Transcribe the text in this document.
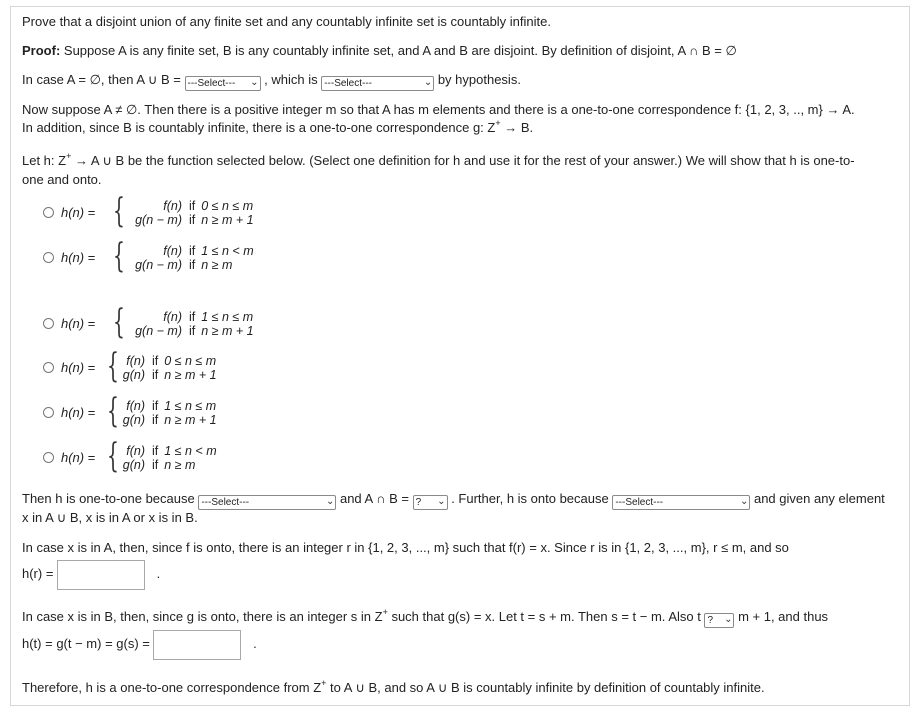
Prove that a disjoint union of any finite set and any countably infinite set is countably infinite.
Proof: Suppose A is any finite set, B is any countably infinite set, and A and B are disjoint. By definition of disjoint, A ∩ B = ∅
In case A = ∅, then A ∪ B = ---Select--- ⌄ , which is ---Select---	⌄ by hypothesis.
Now suppose A ≠ ∅. Then there is a positive integer m so that A has m elements and there is a one-to-one correspondence f: {1, 2, 3, .., m} → A.
In addition, since B is countably infinite, there is a one-to-one correspondence g: Z+ → B.
Let h: Z+ → A ∪ B be the function selected below. (Select one definition for h and use it for the rest of your answer.) We will show that h is one-to-
one and onto.
h(n) = {	f(n) if 0 ≤ n ≤ m
g(n − m) if n ≥ m + 1
h(n) = {	f(n) if 1 ≤ n < m
g(n − m) if n ≥ m
h(n) = {	f(n) if 1 ≤ n ≤ m
g(n − m) if n ≥ m + 1
h(n) = { f(n) if 0 ≤ n ≤ m
g(n) if n ≥ m + 1
h(n) = { f(n) if 1 ≤ n ≤ m
g(n) if n ≥ m + 1
h(n) = { f(n) if 1 ≤ n < m
g(n) if n ≥ m
Then h is one-to-one because ---Select---	⌄ and A ∩ B = ? ⌄ . Further, h is onto because ---Select---	⌄ and given any element
x in A ∪ B, x is in A or x is in B.
In case x is in A, then, since f is onto, there is an integer r in {1, 2, 3, ..., m} such that f(r) = x. Since r is in {1, 2, 3, ..., m}, r ≤ m, and so
h(r) =	.
In case x is in B, then, since g is onto, there is an integer s in Z+ such that g(s) = x. Let t = s + m. Then s = t − m. Also t ? ⌄ m + 1, and thus
h(t) = g(t − m) = g(s) =	.
Therefore, h is a one-to-one correspondence from Z+ to A ∪ B, and so A ∪ B is countably infinite by definition of countably infinite.
